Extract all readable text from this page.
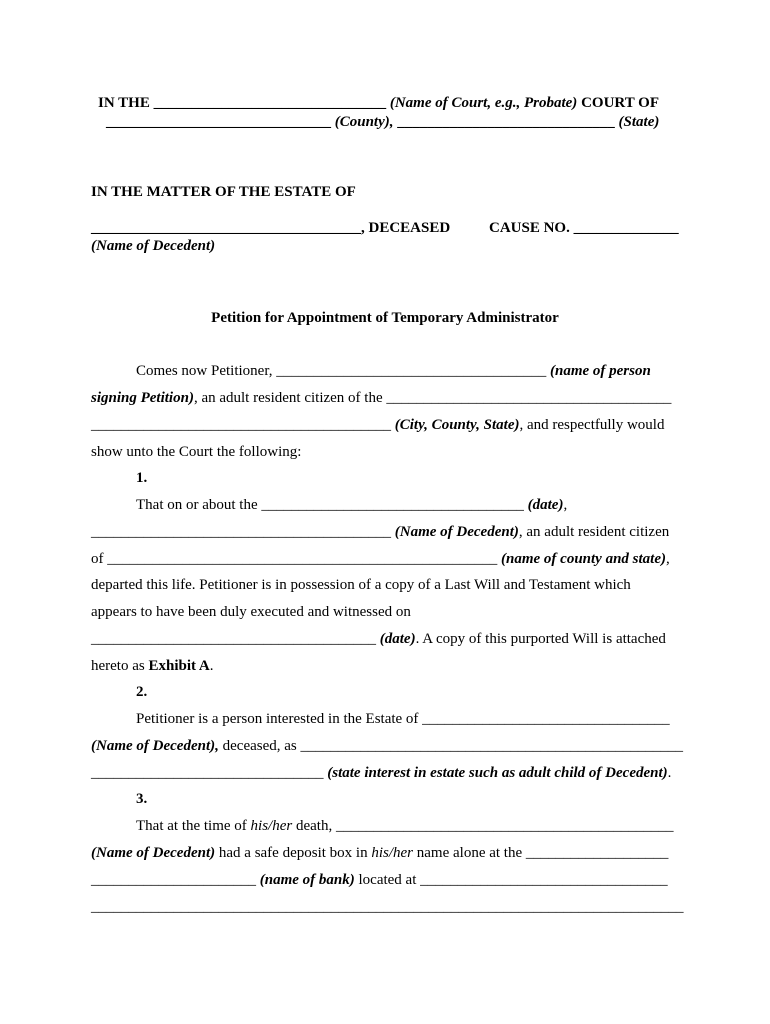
IN THE _______________________________ (Name of Court, e.g., Probate) COURT OF
______________________________ (County), _____________________________ (State)
IN THE MATTER OF THE ESTATE OF
____________________________________, DECEASED	CAUSE NO. ______________
(Name of Decedent)
Petition for Appointment of Temporary Administrator
Comes now Petitioner, ____________________________________ (name of person
signing Petition), an adult resident citizen of the ______________________________________
________________________________________ (City, County, State), and respectfully would
show unto the Court the following:
1.
That on or about the ___________________________________ (date),
________________________________________ (Name of Decedent), an adult resident citizen
of ____________________________________________________ (name of county and state),
departed this life. Petitioner is in possession of a copy of a Last Will and Testament which
appears to have been duly executed and witnessed on
______________________________________ (date). A copy of this purported Will is attached
hereto as Exhibit A.
2.
Petitioner is a person interested in the Estate of _________________________________
(Name of Decedent), deceased, as ___________________________________________________
_______________________________ (state interest in estate such as adult child of Decedent).
3.
That at the time of his/her death, _____________________________________________
(Name of Decedent) had a safe deposit box in his/her name alone at the ___________________
______________________ (name of bank) located at _________________________________
_______________________________________________________________________________
